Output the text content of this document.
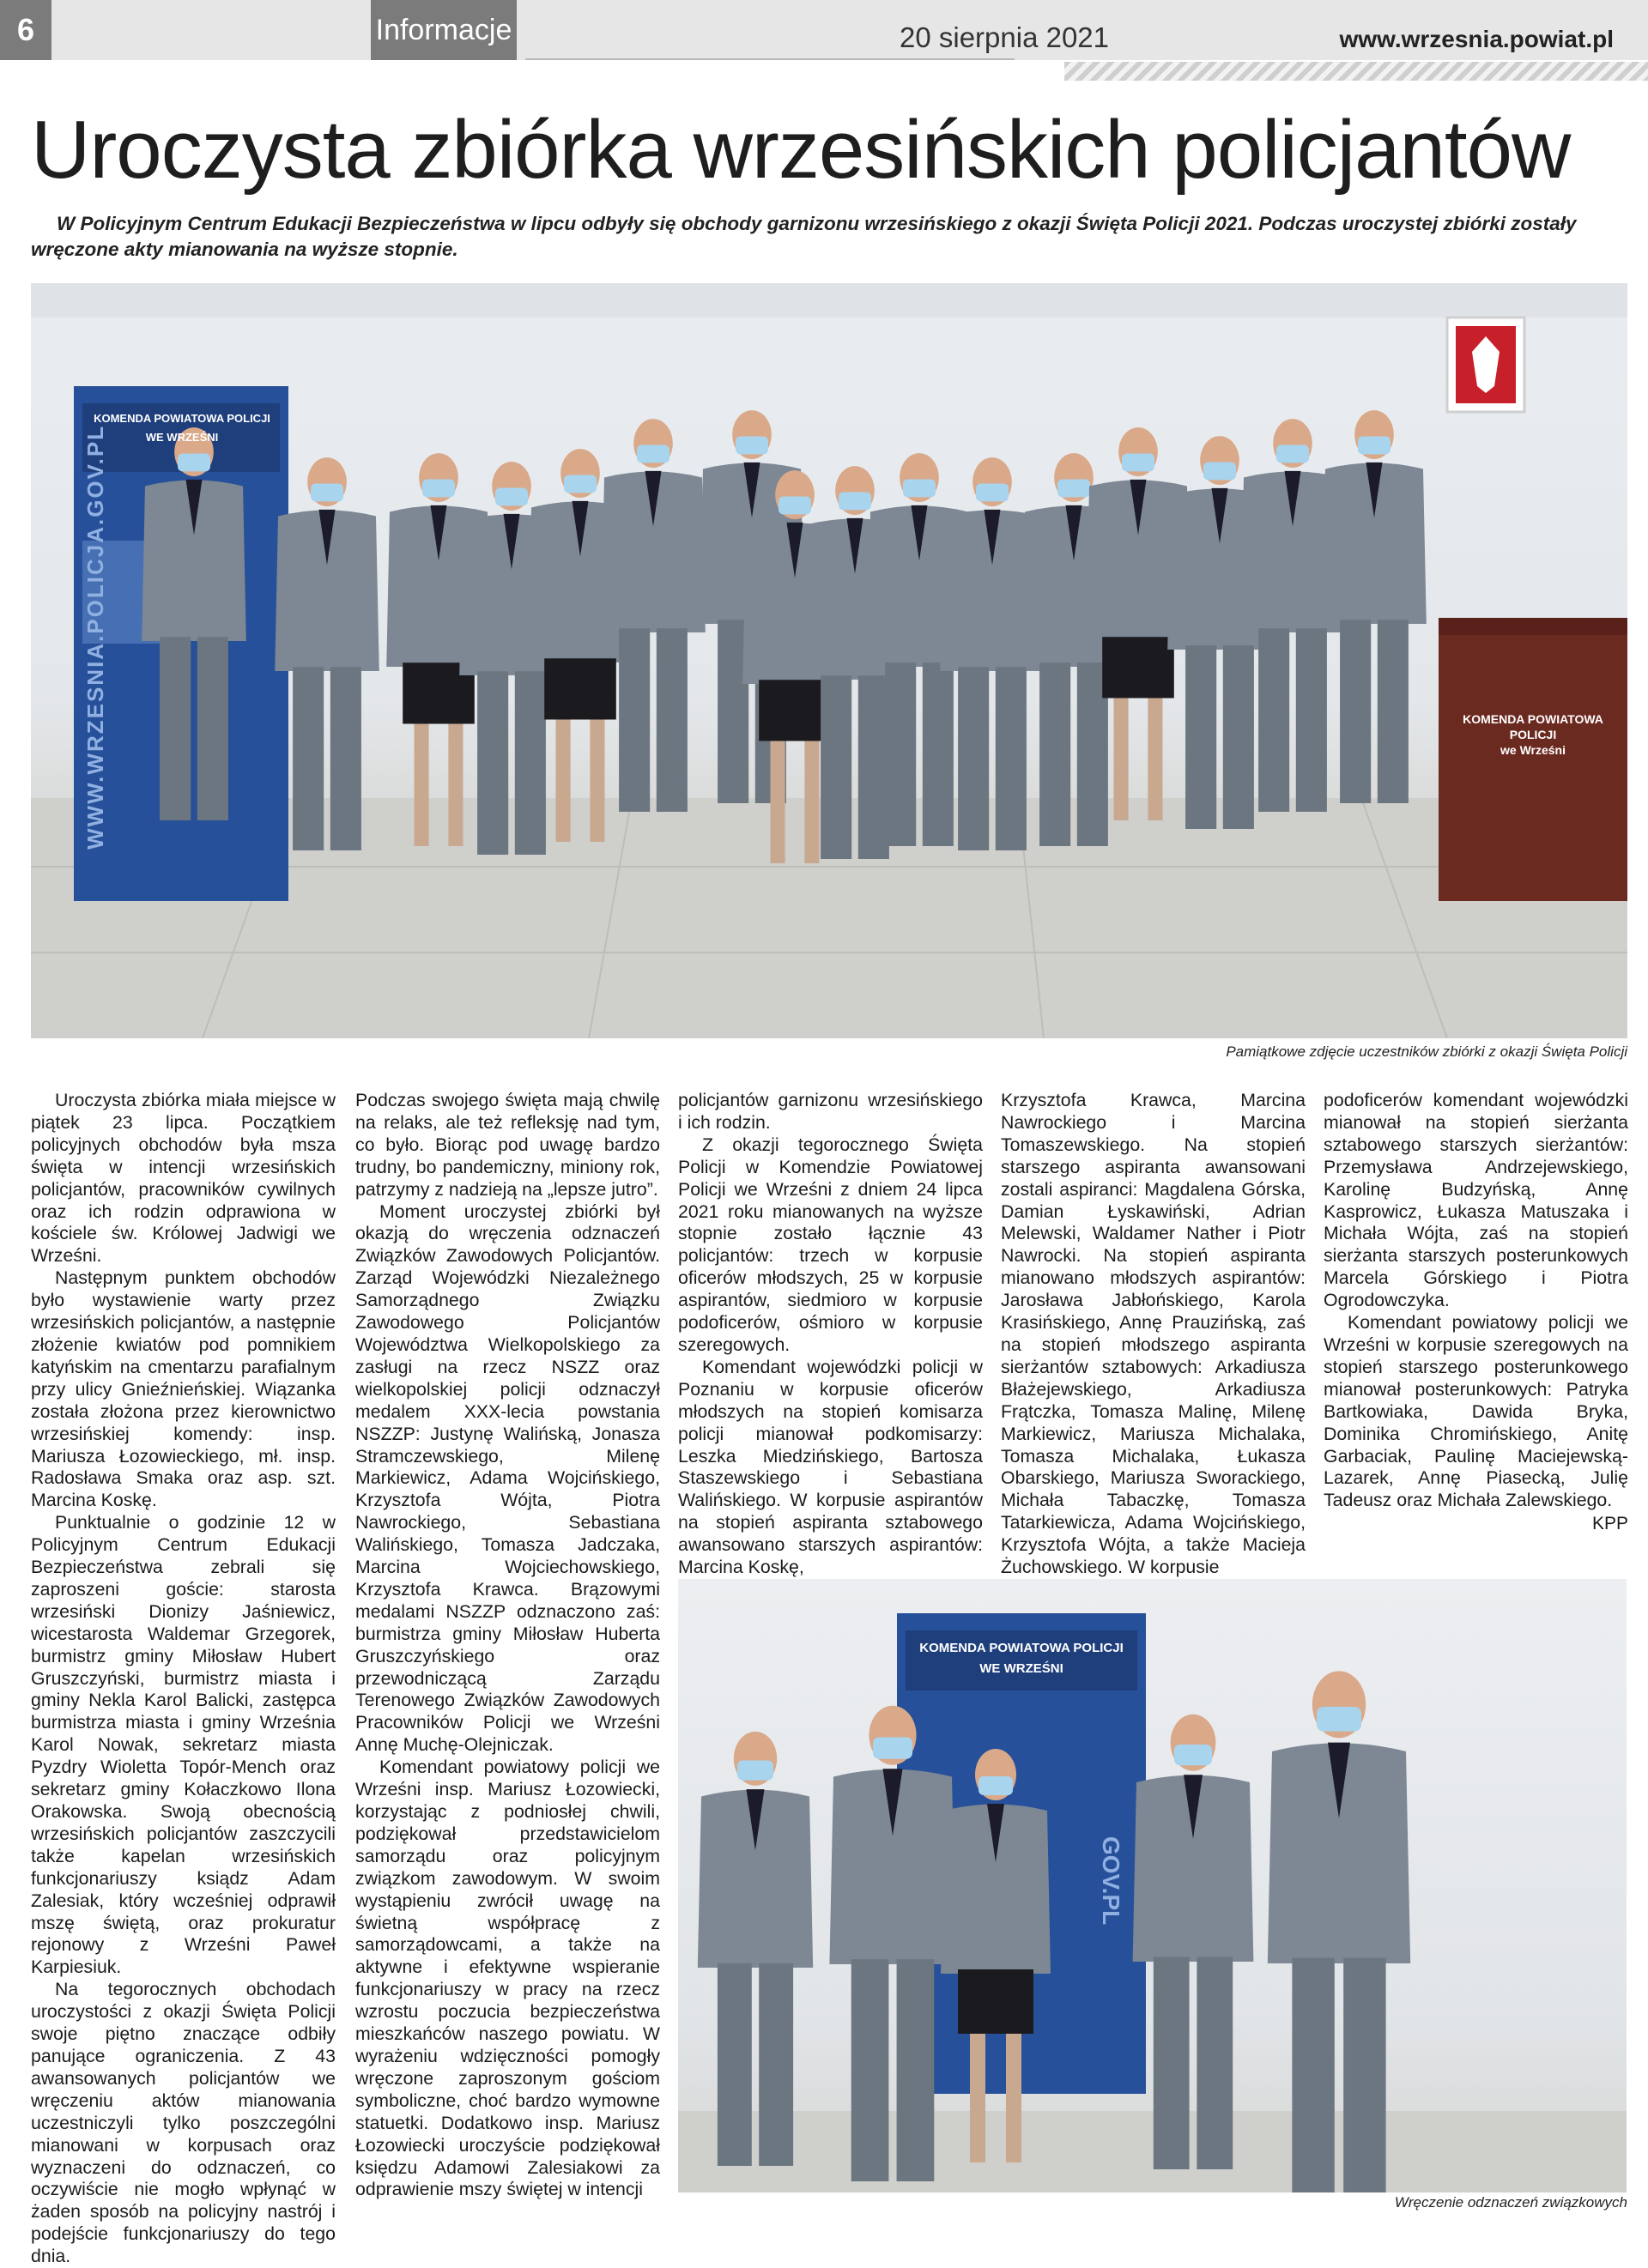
6	Informacje	20 sierpnia 2021	www.wrzesnia.powiat.pl
Uroczysta zbiórka wrzesińskich policjantów
W Policyjnym Centrum Edukacji Bezpieczeństwa w lipcu odbyły się obchody garnizonu wrzesińskiego z okazji Święta Policji 2021. Podczas uroczystej zbiórki zostały wręczone akty mianowania na wyższe stopnie.
KOMENDA POWIATOWA POLICJI
WE WRZEŚNI
WWW.WRZESNIA.POLICJA.GOV.PL	KOMENDA POWIATOWA
POLICJI
we Wrześni
Pamiątkowe zdjęcie uczestników zbiórki z okazji Święta Policji

Uroczysta zbiórka miała miejsce w piątek 23 lipca. Początkiem policyjnych obchodów była msza święta w intencji wrzesińskich policjantów, pracowników cywilnych oraz ich rodzin odprawiona w kościele św. Królowej Jadwigi we Wrześni.

Następnym punktem obchodów było wystawienie warty przez wrzesińskich policjantów, a następnie złożenie kwiatów pod pomnikiem katyńskim na cmentarzu parafialnym przy ulicy Gnieźnieńskiej. Wiązanka została złożona przez kierownictwo wrzesińskiej komendy: insp. Mariusza Łozowieckiego, mł. insp. Radosława Smaka oraz asp. szt. Marcina Koskę.

Punktualnie o godzinie 12 w Policyjnym Centrum Edukacji Bezpieczeństwa zebrali się zaproszeni goście: starosta wrzesiński Dionizy Jaśniewicz, wicestarosta Waldemar Grzegorek, burmistrz gminy Miłosław Hubert Gruszczyński, burmistrz miasta i gminy Nekla Karol Balicki, zastępca burmistrza miasta i gminy Września Karol Nowak, sekretarz miasta Pyzdry Wioletta Topór-Mench oraz sekretarz gminy Kołaczkowo Ilona Orakowska. Swoją obecnością wrzesińskich policjantów zaszczycili także kapelan wrzesińskich funkcjonariuszy ksiądz Adam Zalesiak, który wcześniej odprawił mszę świętą, oraz prokuratur rejonowy z Wrześni Paweł Karpiesiuk.

Na tegorocznych obchodach uroczystości z okazji Święta Policji swoje piętno znaczące odbiły panujące ograniczenia. Z 43 awansowanych policjantów we wręczeniu aktów mianowania uczestniczyli tylko poszczególni mianowani w korpusach oraz wyznaczeni do odznaczeń, co oczywiście nie mogło wpłynąć w żaden sposób na policyjny nastrój i podejście funkcjonariuszy do tego dnia.

Podczas swojego święta mają chwilę na relaks, ale też refleksję nad tym, co było. Biorąc pod uwagę bardzo trudny, bo pandemiczny, miniony rok, patrzymy z nadzieją na „lepsze jutro”.

Moment uroczystej zbiórki był okazją do wręczenia odznaczeń Związków Zawodowych Policjantów. Zarząd Wojewódzki Niezależnego Samorządnego Związku Zawodowego Policjantów Województwa Wielkopolskiego za zasługi na rzecz NSZZ oraz wielkopolskiej policji odznaczył medalem XXX-lecia powstania NSZZP: Justynę Walińską, Jonasza Stramczewskiego, Milenę Markiewicz, Adama Wojcińskiego, Krzysztofa Wójta, Piotra Nawrockiego, Sebastiana Walińskiego, Tomasza Jadczaka, Marcina Wojciechowskiego, Krzysztofa Krawca. Brązowymi medalami NSZZP odznaczono zaś: burmistrza gminy Miłosław Huberta Gruszczyńskiego oraz przewodniczącą Zarządu Terenowego Związków Zawodowych Pracowników Policji we Wrześni Annę Muchę-Olejniczak.

Komendant powiatowy policji we Wrześni insp. Mariusz Łozowiecki, korzystając z podniosłej chwili, podziękował przedstawicielom samorządu oraz policyjnym związkom zawodowym. W swoim wystąpieniu zwrócił uwagę na świetną współpracę z samorządowcami, a także na aktywne i efektywne wspieranie funkcjonariuszy w pracy na rzecz wzrostu poczucia bezpieczeństwa mieszkańców naszego powiatu. W wyrażeniu wdzięczności pomogły wręczone zaproszonym gościom symboliczne, choć bardzo wymowne statuetki. Dodatkowo insp. Mariusz Łozowiecki uroczyście podziękował księdzu Adamowi Zalesiakowi za odprawienie mszy świętej w intencji

policjantów garnizonu wrzesińskiego i ich rodzin.

Z okazji tegorocznego Święta Policji w Komendzie Powiatowej Policji we Wrześni z dniem 24 lipca 2021 roku mianowanych na wyższe stopnie zostało łącznie 43 policjantów: trzech w korpusie oficerów młodszych, 25 w korpusie aspirantów, siedmioro w korpusie podoficerów, ośmioro w korpusie szeregowych.

Komendant wojewódzki policji w Poznaniu w korpusie oficerów młodszych na stopień komisarza policji mianował podkomisarzy: Leszka Miedzińskiego, Bartosza Staszewskiego i Sebastiana Walińskiego. W korpusie aspirantów na stopień aspiranta sztabowego awansowano starszych aspirantów: Marcina Koskę,

Krzysztofa Krawca, Marcina Nawrockiego i Marcina Tomaszewskiego. Na stopień starszego aspiranta awansowani zostali aspiranci: Magdalena Górska, Damian Łyskawiński, Adrian Melewski, Waldamer Nather i Piotr Nawrocki. Na stopień aspiranta mianowano młodszych aspirantów: Jarosława Jabłońskiego, Karola Krasińskiego, Annę Prauzińską, zaś na stopień młodszego aspiranta sierżantów sztabowych: Arkadiusza Błażejewskiego, Arkadiusza Frątczka, Tomasza Malinę, Milenę Markiewicz, Mariusza Michalaka, Tomasza Michalaka, Łukasza Obarskiego, Mariusza Sworackiego, Michała Tabaczkę, Tomasza Tatarkiewicza, Adama Wojcińskiego, Krzysztofa Wójta, a także Macieja Żuchowskiego. W korpusie

podoficerów komendant wojewódzki mianował na stopień sierżanta sztabowego starszych sierżantów: Przemysława Andrzejewskiego, Karolinę Budzyńską, Annę Kasprowicz, Łukasza Matuszaka i Michała Wójta, zaś na stopień sierżanta starszych posterunkowych Marcela Górskiego i Piotra Ogrodowczyka.

Komendant powiatowy policji we Wrześni w korpusie szeregowych na stopień starszego posterunkowego mianował posterunkowych: Patryka Bartkowiaka, Dawida Bryka, Dominika Chromińskiego, Anitę Garbaciak, Paulinę Maciejewską-Lazarek, Annę Piasecką, Julię Tadeusz oraz Michała Zalewskiego.

KPP
KOMENDA POWIATOWA POLICJI
WE WRZEŚNI
GOV.PL
Wręczenie odznaczeń związkowych
